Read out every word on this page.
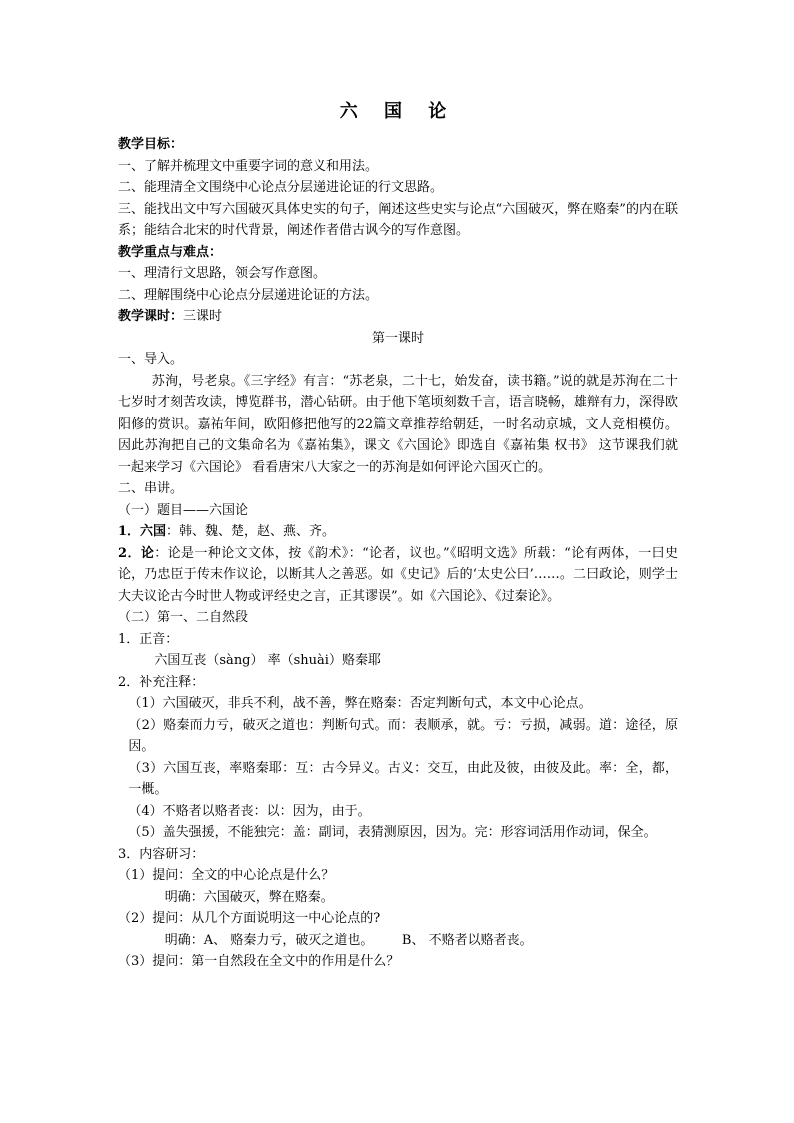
六 国 论

教学目标：

一、了解并梳理文中重要字词的意义和用法。

二、能理清全文围绕中心论点分层递进论证的行文思路。

三、能找出文中写六国破灭具体史实的句子，阐述这些史实与论点“六国破灭，弊在赂秦”的内在联系；能结合北宋的时代背景，阐述作者借古讽今的写作意图。

教学重点与难点：

一、理清行文思路，领会写作意图。

二、理解围绕中心论点分层递进论证的方法。

教学课时：三课时

第一课时

一、导入。

苏洵，号老泉。《三字经》有言：“苏老泉，二十七，始发奋，读书籍。”说的就是苏洵在二十七岁时才刻苦攻读，博览群书，潜心钻研。由于他下笔顷刻数千言，语言晓畅，雄辩有力，深得欧阳修的赏识。嘉祐年间，欧阳修把他写的22篇文章推荐给朝廷，一时名动京城，文人竞相模仿。因此苏洵把自己的文集命名为《嘉祐集》，课文《六国论》即选自《嘉祐集 权书》 这节课我们就一起来学习《六国论》 看看唐宋八大家之一的苏洵是如何评论六国灭亡的。

二、串讲。

（一）题目——六国论

1．六国：韩、魏、楚，赵、燕、齐。

2．论：论是一种论文文体，按《韵术》：“论者，议也。”《昭明文选》所载：“论有两体，一曰史论，乃忠臣于传末作议论，以断其人之善恶。如《史记》后的‘太史公曰’……。二曰政论，则学士大夫议论古今时世人物或评经史之言，正其谬误”。如《六国论》、《过秦论》。

（二）第一、二自然段

1．正音：

六国互丧（sàng） 率（shuài）赂秦耶

2．补充注释：

（1）六国破灭，非兵不利，战不善，弊在赂秦：否定判断句式，本文中心论点。

（2）赂秦而力亏，破灭之道也：判断句式。而：表顺承，就。亏：亏损，减弱。道：途径，原因。

（3）六国互丧，率赂秦耶：互：古今异义。古义：交互，由此及彼，由彼及此。率：全，都，一概。

（4）不赂者以赂者丧：以：因为，由于。

（5）盖失强援，不能独完：盖：副词，表猜测原因，因为。完：形容词活用作动词，保全。

3．内容研习：

（1）提问：全文的中心论点是什么？

明确：六国破灭，弊在赂秦。

（2）提问：从几个方面说明这一中心论点的?

明确：A、 赂秦力亏，破灭之道也。 B、 不赂者以赂者丧。

（3）提问：第一自然段在全文中的作用是什么？
